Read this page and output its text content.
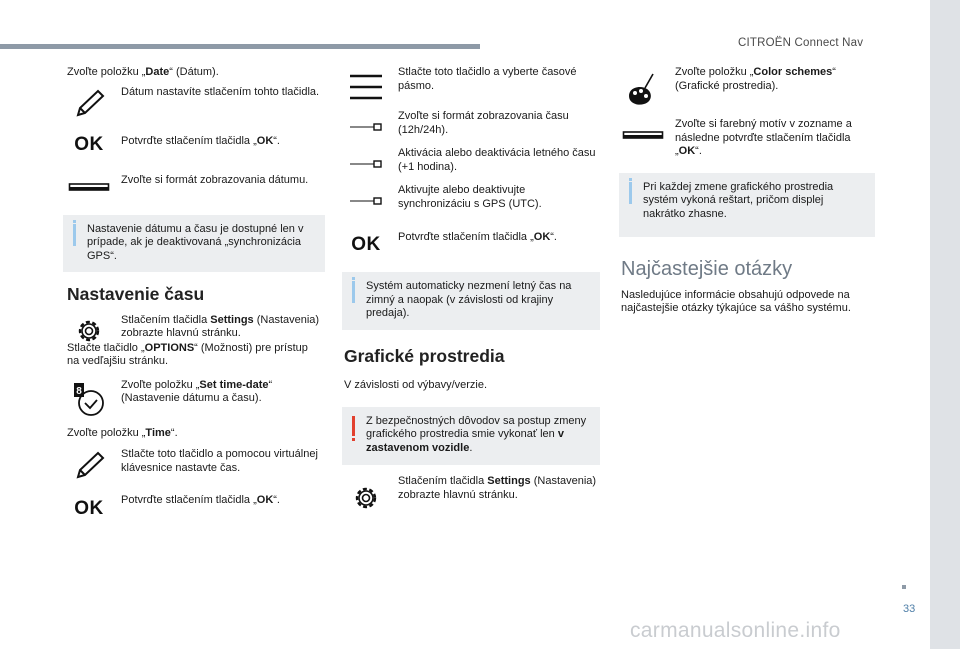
CITROËN Connect Nav

Zvoľte položku „Date“ (Dátum).

Dátum nastavíte stlačením tohto tlačidla.

OK Potvrďte stlačením tlačidla „OK“.

Zvoľte si formát zobrazovania dátumu.

Nastavenie dátumu a času je dostupné len v prípade, ak je deaktivovaná „synchronizácia GPS“.

Nastavenie času

Stlačením tlačidla Settings (Nastavenia) zobrazte hlavnú stránku.

Stlačte tlačidlo „OPTIONS“ (Možnosti) pre prístup na vedľajšiu stránku.

8

Zvoľte položku „Set time-date“ (Nastavenie dátumu a času).

Zvoľte položku „Time“.

Stlačte toto tlačidlo a pomocou virtuálnej klávesnice nastavte čas.

OK Potvrďte stlačením tlačidla „OK“.

Stlačte toto tlačidlo a vyberte časové pásmo.

Zvoľte si formát zobrazovania času (12h/24h).

Aktivácia alebo deaktivácia letného času (+1 hodina).

Aktivujte alebo deaktivujte synchronizáciu s GPS (UTC).

OK Potvrďte stlačením tlačidla „OK“.

Systém automaticky nezmení letný čas na zimný a naopak (v závislosti od krajiny predaja).

Grafické prostredia

V závislosti od výbavy/verzie.

Z bezpečnostných dôvodov sa postup zmeny grafického prostredia smie vykonať len v zastavenom vozidle.

Stlačením tlačidla Settings (Nastavenia) zobrazte hlavnú stránku.

Zvoľte položku „Color schemes“ (Grafické prostredia).

Zvoľte si farebný motív v zozname a následne potvrďte stlačením tlačidla „OK“.

Pri každej zmene grafického prostredia systém vykoná reštart, pričom displej nakrátko zhasne.

Najčastejšie otázky

Nasledujúce informácie obsahujú odpovede na najčastejšie otázky týkajúce sa vášho systému.

33
carmanualsonline.info
